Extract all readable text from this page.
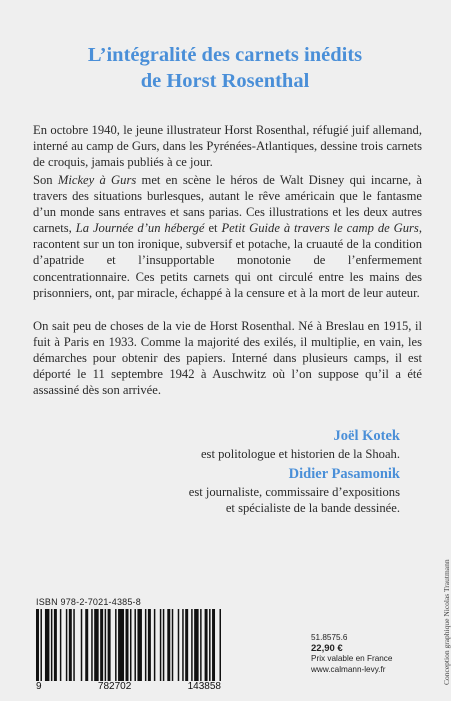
L’intégralité des carnets inédits
de Horst Rosenthal
En octobre 1940, le jeune illustrateur Horst Rosenthal, réfugié juif allemand, interné au camp de Gurs, dans les Pyrénées-Atlantiques, dessine trois carnets de croquis, jamais publiés à ce jour.
Son Mickey à Gurs met en scène le héros de Walt Disney qui incarne, à travers des situations burlesques, autant le rêve américain que le fantasme d’un monde sans entraves et sans parias. Ces illustrations et les deux autres carnets, La Journée d’un hébergé et Petit Guide à travers le camp de Gurs, racontent sur un ton ironique, subversif et potache, la cruauté de la condition d’apatride et l’insupportable monotonie de l’enfermement concentrationnaire. Ces petits carnets qui ont circulé entre les mains des prisonniers, ont, par miracle, échappé à la censure et à la mort de leur auteur.
On sait peu de choses de la vie de Horst Rosenthal. Né à Breslau en 1915, il fuit à Paris en 1933. Comme la majorité des exilés, il multiplie, en vain, les démarches pour obtenir des papiers. Interné dans plusieurs camps, il est déporté le 11 septembre 1942 à Auschwitz où l’on suppose qu’il a été assassiné dès son arrivée.
Joël Kotek
est politologue et historien de la Shoah.
Didier Pasamonik
est journaliste, commissaire d’expositions
et spécialiste de la bande dessinée.
ISBN 978-2-7021-4385-8
9	782702	143858
51.8575.6
22,90 €
Prix valable en France
www.calmann-levy.fr	Conception graphique Nicolas Trautmann
